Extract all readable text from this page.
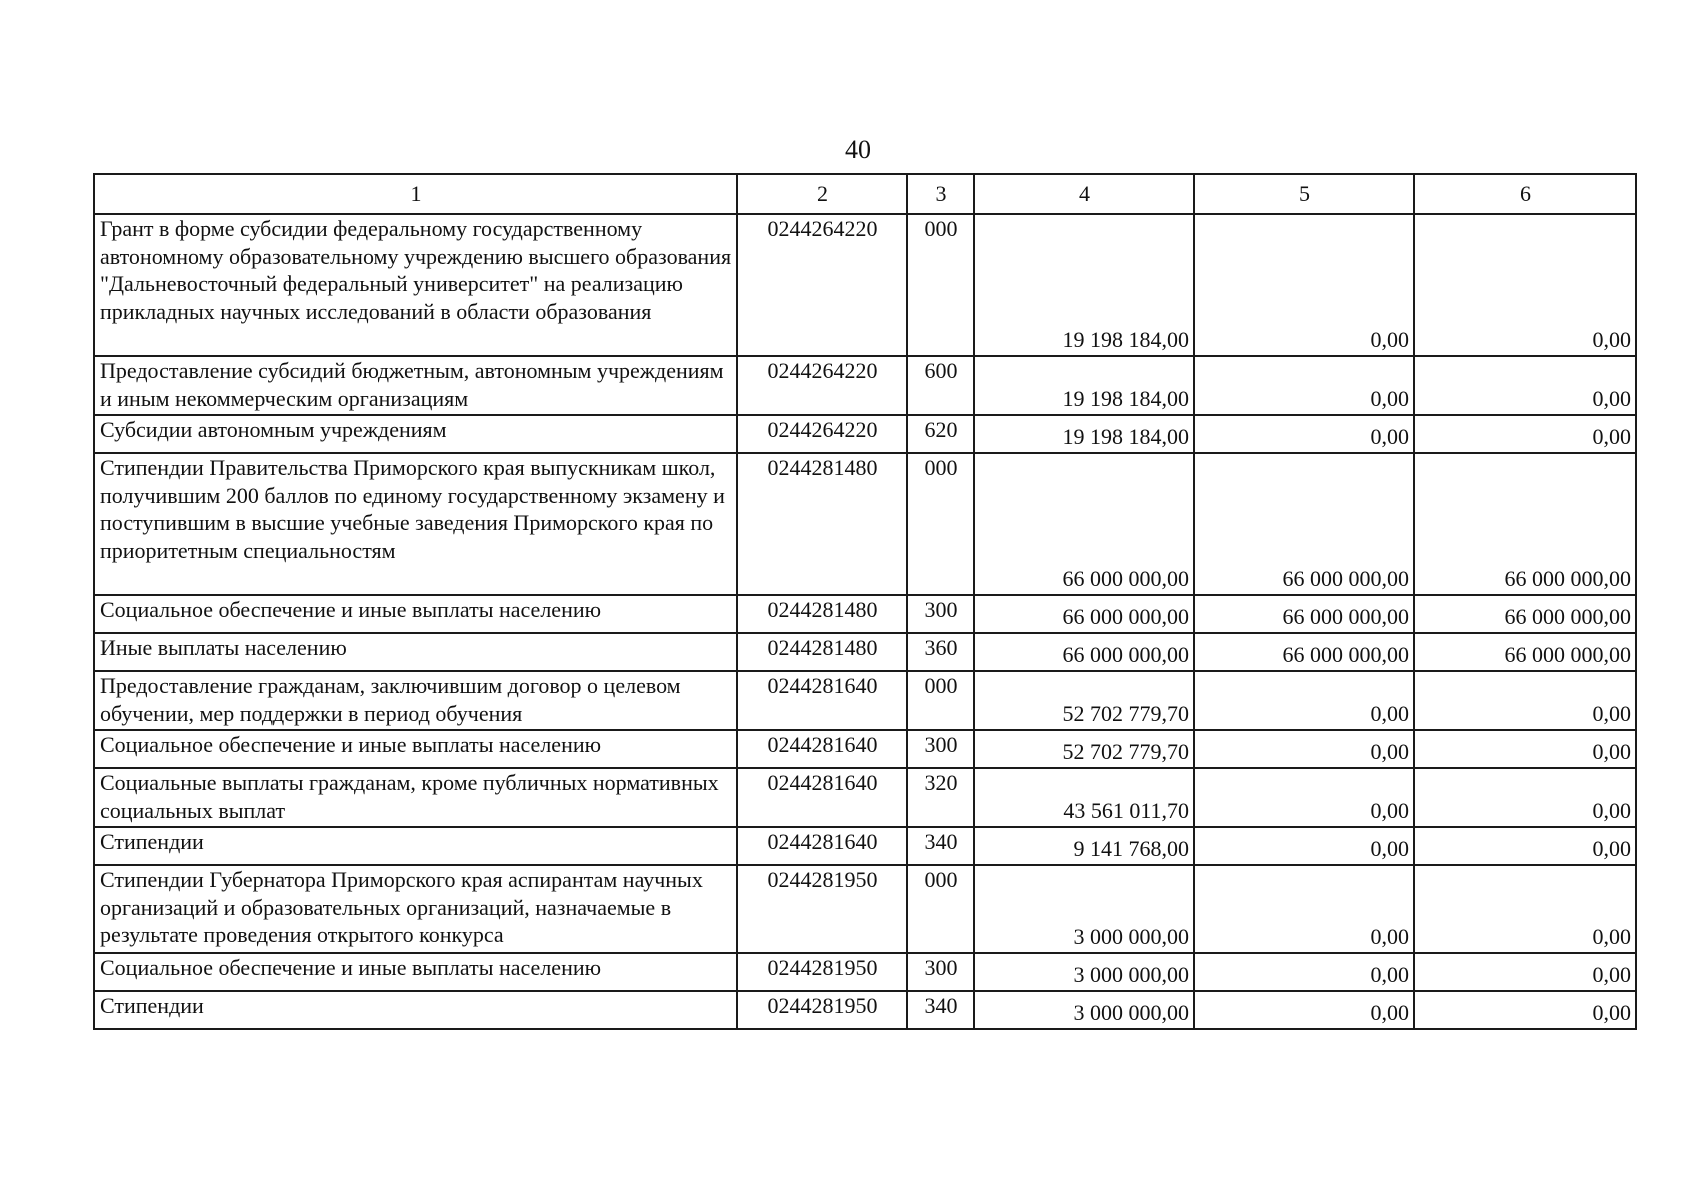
40
1	2	3	4	5	6
Грант в форме субсидии федеральному государственному автономному образовательному учреждению высшего образования "Дальневосточный федеральный университет" на реализацию прикладных научных исследований в области образования	0244264220	000	19 198 184,00	0,00	0,00
Предоставление субсидий бюджетным, автономным учреждениям и иным некоммерческим организациям	0244264220	600	19 198 184,00	0,00	0,00
Субсидии автономным учреждениям	0244264220	620	19 198 184,00	0,00	0,00
Стипендии Правительства Приморского края выпускникам школ, получившим 200 баллов по единому государственному экзамену и поступившим в высшие учебные заведения Приморского края по приоритетным специальностям	0244281480	000	66 000 000,00	66 000 000,00	66 000 000,00
Социальное обеспечение и иные выплаты населению	0244281480	300	66 000 000,00	66 000 000,00	66 000 000,00
Иные выплаты населению	0244281480	360	66 000 000,00	66 000 000,00	66 000 000,00
Предоставление гражданам, заключившим договор о целевом обучении, мер поддержки в период обучения	0244281640	000	52 702 779,70	0,00	0,00
Социальное обеспечение и иные выплаты населению	0244281640	300	52 702 779,70	0,00	0,00
Социальные выплаты гражданам, кроме публичных нормативных социальных выплат	0244281640	320	43 561 011,70	0,00	0,00
Стипендии	0244281640	340	9 141 768,00	0,00	0,00
Стипендии Губернатора Приморского края аспирантам научных организаций и образовательных организаций, назначаемые в результате проведения открытого конкурса	0244281950	000	3 000 000,00	0,00	0,00
Социальное обеспечение и иные выплаты населению	0244281950	300	3 000 000,00	0,00	0,00
Стипендии	0244281950	340	3 000 000,00	0,00	0,00
